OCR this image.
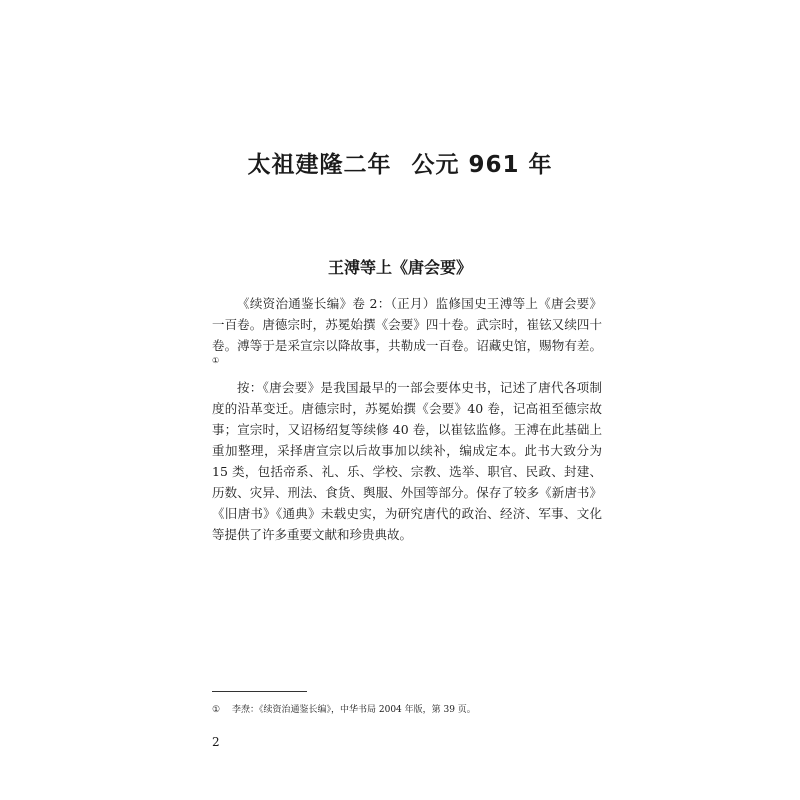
太祖建隆二年 公元 961 年
王溥等上《唐会要》

《续资治通鉴长编》卷 2：（正月）监修国史王溥等上《唐会要》一百卷。唐德宗时，苏冕始撰《会要》四十卷。武宗时，崔铉又续四十卷。溥等于是采宣宗以降故事，共勒成一百卷。诏藏史馆，赐物有差。①

按：《唐会要》是我国最早的一部会要体史书，记述了唐代各项制度的沿革变迁。唐德宗时，苏冕始撰《会要》40 卷，记高祖至德宗故事；宣宗时，又诏杨绍复等续修 40 卷，以崔铉监修。王溥在此基础上重加整理，采择唐宣宗以后故事加以续补，编成定本。此书大致分为 15 类，包括帝系、礼、乐、学校、宗教、选举、职官、民政、封建、历数、灾异、刑法、食货、舆服、外国等部分。保存了较多《新唐书》《旧唐书》《通典》未载史实，为研究唐代的政治、经济、军事、文化等提供了许多重要文献和珍贵典故。

① 李焘：《续资治通鉴长编》，中华书局 2004 年版，第 39 页。
2
